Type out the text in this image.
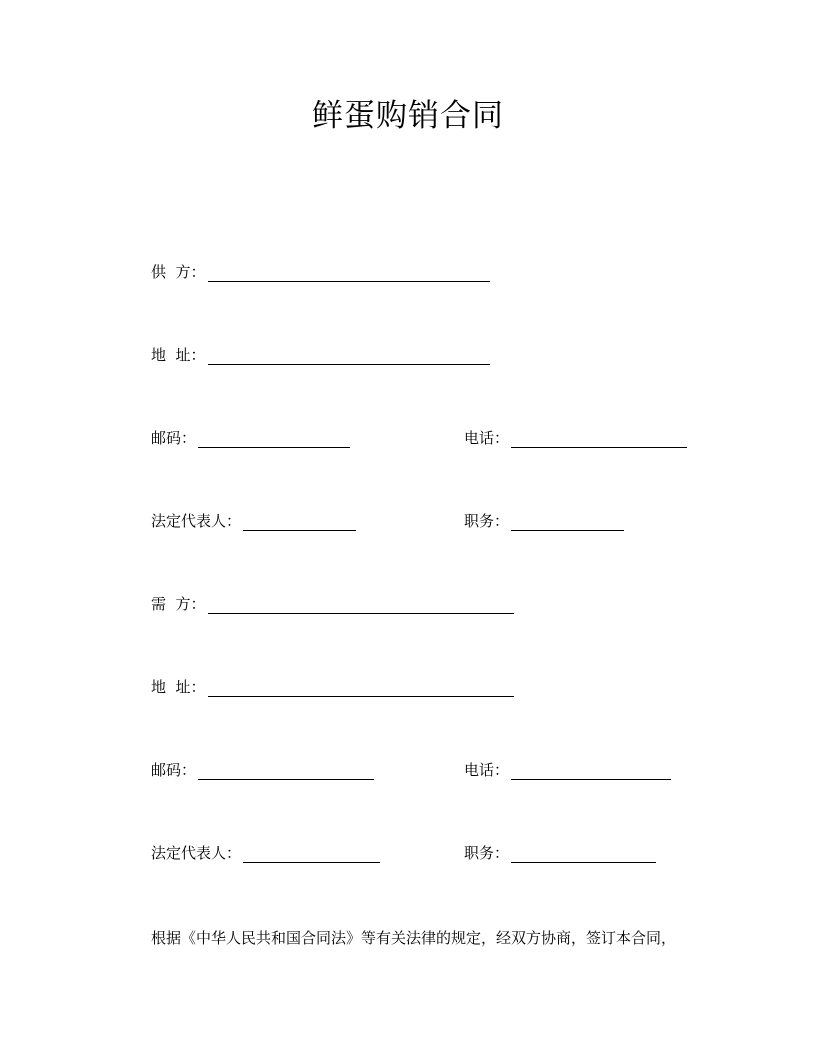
鲜蛋购销合同
供  方：
地  址：
邮码：	电话：
法定代表人：	职务：
需  方：
地  址：
邮码：	电话：
法定代表人：	职务：
根据《中华人民共和国合同法》等有关法律的规定，经双方协商，签订本合同，
